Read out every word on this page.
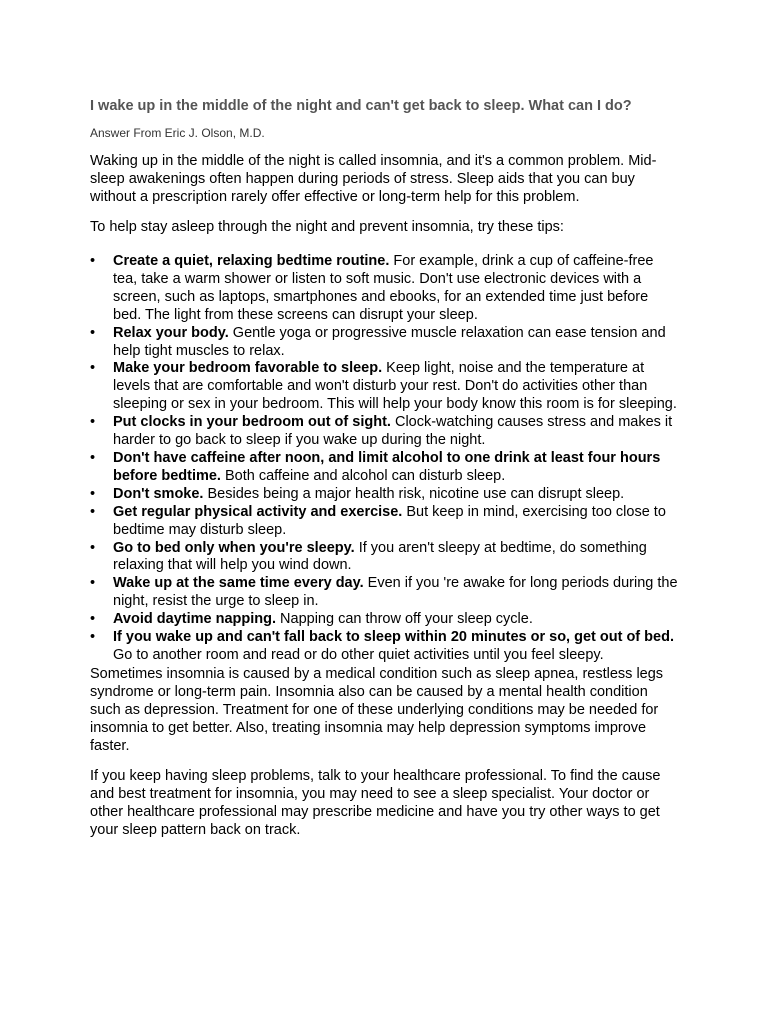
I wake up in the middle of the night and can't get back to sleep. What can I do?
Answer From Eric J. Olson, M.D.

Waking up in the middle of the night is called insomnia, and it's a common problem. Mid-sleep awakenings often happen during periods of stress. Sleep aids that you can buy without a prescription rarely offer effective or long-term help for this problem.

To help stay asleep through the night and prevent insomnia, try these tips:

• Create a quiet, relaxing bedtime routine. For example, drink a cup of caffeine-free tea, take a warm shower or listen to soft music. Don't use electronic devices with a screen, such as laptops, smartphones and ebooks, for an extended time just before bed. The light from these screens can disrupt your sleep.
• Relax your body. Gentle yoga or progressive muscle relaxation can ease tension and help tight muscles to relax.
• Make your bedroom favorable to sleep. Keep light, noise and the temperature at levels that are comfortable and won't disturb your rest. Don't do activities other than sleeping or sex in your bedroom. This will help your body know this room is for sleeping.
• Put clocks in your bedroom out of sight. Clock-watching causes stress and makes it harder to go back to sleep if you wake up during the night.
• Don't have caffeine after noon, and limit alcohol to one drink at least four hours before bedtime. Both caffeine and alcohol can disturb sleep.
• Don't smoke. Besides being a major health risk, nicotine use can disrupt sleep.
• Get regular physical activity and exercise. But keep in mind, exercising too close to bedtime may disturb sleep.
• Go to bed only when you're sleepy. If you aren't sleepy at bedtime, do something relaxing that will help you wind down.
• Wake up at the same time every day. Even if you 're awake for long periods during the night, resist the urge to sleep in.
• Avoid daytime napping. Napping can throw off your sleep cycle.
• If you wake up and can't fall back to sleep within 20 minutes or so, get out of bed. Go to another room and read or do other quiet activities until you feel sleepy.

Sometimes insomnia is caused by a medical condition such as sleep apnea, restless legs syndrome or long-term pain. Insomnia also can be caused by a mental health condition such as depression. Treatment for one of these underlying conditions may be needed for insomnia to get better. Also, treating insomnia may help depression symptoms improve faster.

If you keep having sleep problems, talk to your healthcare professional. To find the cause and best treatment for insomnia, you may need to see a sleep specialist. Your doctor or other healthcare professional may prescribe medicine and have you try other ways to get your sleep pattern back on track.
